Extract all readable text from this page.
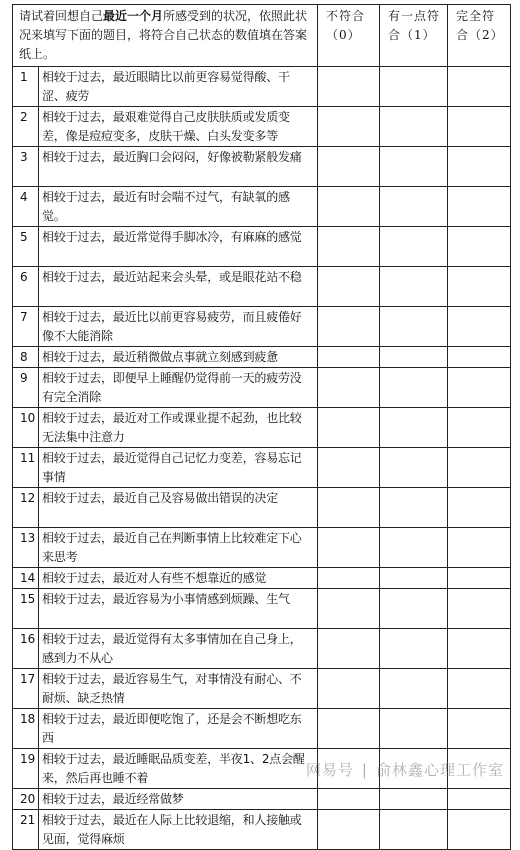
请试着回想自己最近一个月所感受到的状况，依照此状况来填写下面的题目，将符合自己状态的数值填在答案纸上。		不符合（0）	有一点符合（1）	完全符合（2）
1	相较于过去，最近眼睛比以前更容易觉得酸、干涩、疲劳			
2	相较于过去，最艰难觉得自己皮肤肤质或发质变差，像是痘痘变多，皮肤干燥、白头发变多等			
3	相较于过去，最近胸口会闷闷，好像被勒紧般发痛			
4	相较于过去，最近有时会喘不过气，有缺氧的感觉。			
5	相较于过去，最近常觉得手脚冰冷，有麻麻的感觉			
6	相较于过去，最近站起来会头晕，或是眼花站不稳			
7	相较于过去，最近比以前更容易疲劳，而且疲倦好像不大能消除			
8	相较于过去，最近稍微做点事就立刻感到疲惫			
9	相较于过去，即便早上睡醒仍觉得前一天的疲劳没有完全消除			
10	相较于过去，最近对工作或课业提不起劲，也比较无法集中注意力			
11	相较于过去，最近觉得自己记忆力变差，容易忘记事情			
12	相较于过去，最近自己及容易做出错误的决定			
13	相较于过去，最近自己在判断事情上比较难定下心来思考			
14	相较于过去，最近对人有些不想靠近的感觉			
15	相较于过去，最近容易为小事情感到烦躁、生气			
16	相较于过去，最近觉得有太多事情加在自己身上，感到力不从心			
17	相较于过去，最近容易生气，对事情没有耐心、不耐烦、缺乏热情			
18	相较于过去，最近即便吃饱了，还是会不断想吃东西			
19	相较于过去，最近睡眠品质变差，半夜1、2点会醒来，然后再也睡不着			
20	相较于过去，最近经常做梦			
21	相较于过去，最近在人际上比较退缩，和人接触或见面，觉得麻烦			
网易号 | 俞林鑫心理工作室
